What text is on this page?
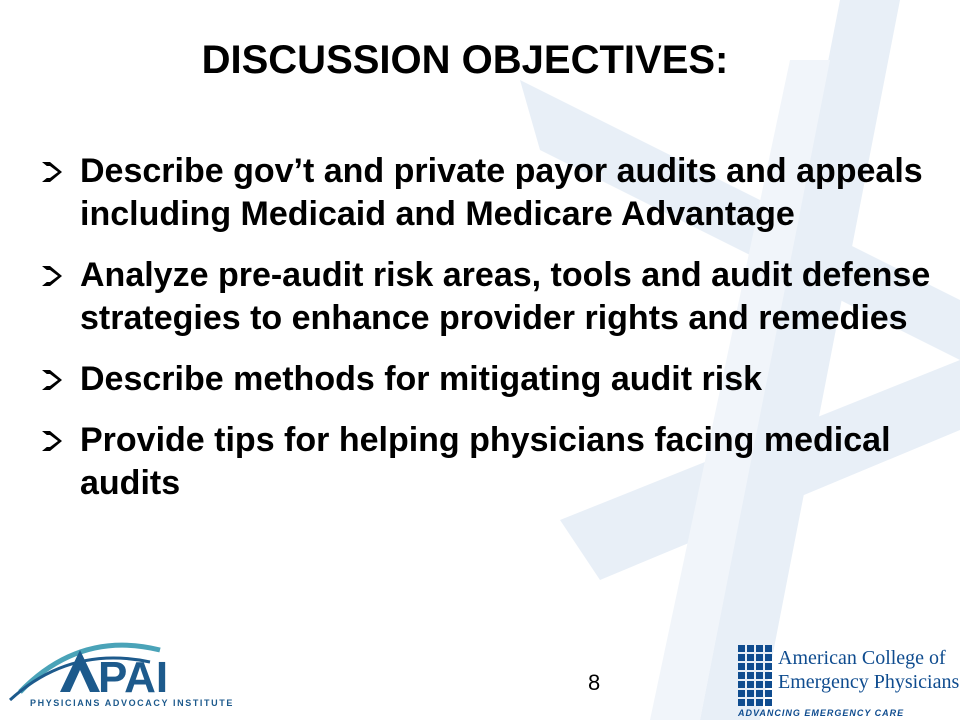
DISCUSSION OBJECTIVES:
Describe gov’t and private payor audits and appeals including Medicaid and Medicare Advantage
Analyze pre-audit risk areas, tools and audit defense strategies to enhance provider rights and remedies
Describe methods for mitigating audit risk
Provide tips for helping physicians facing medical audits
8
PAI
PHYSICIANS ADVOCACY INSTITUTE
American College of
Emergency Physicians
ADVANCING EMERGENCY CARE
